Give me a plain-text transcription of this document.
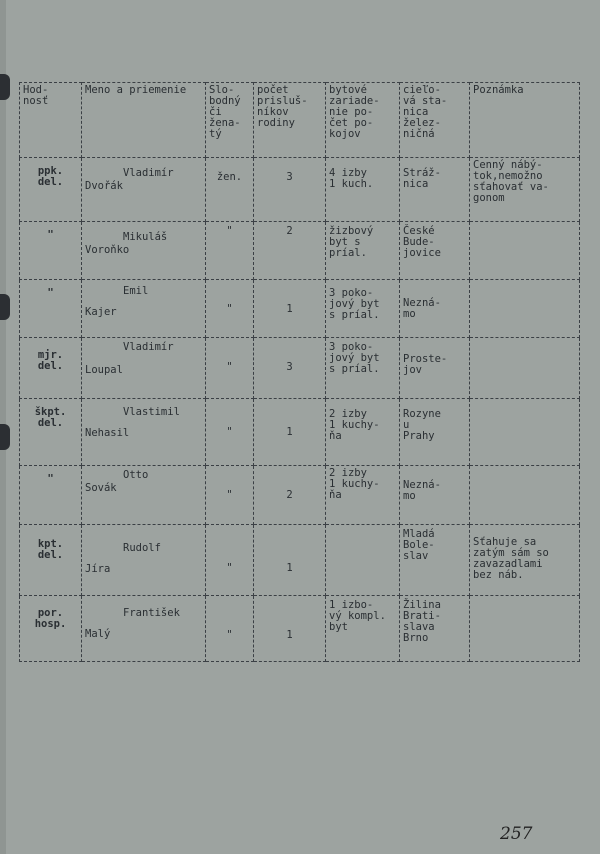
Hod-
nosť	Meno a priemenie	Slo-
bodný
či
žena-
tý	počet
prisluš-
níkov
rodiny	bytové
zariade-
nie po-
čet po-
kojov	cieľo-
vá sta-
nica
želez-
ničná	Poznámka
ppk.
del.	Vladimír
Dvořák	žen.	3	4 izby
1 kuch.	Stráž-
nica	Cenný nábý-
tok,nemožno
sťahovať va-
gonom
"	Mikuláš
Voroňko	"	2	žizbový
byt s
príal.	České
Bude-
jovice	

"	Emil
Kajer	"	1	3 poko-
jový byt
s príal.	Nezná-
mo	

mjr.
del.	Vladimír
Loupal	"	3	3 poko-
jový byt
s príal.	Proste-
jov	

škpt.
del.	Vlastimil
Nehasil	"	1	2 izby
1 kuchy-
ňa	Rozyne
u
Prahy	

"	Otto
Sovák	"	2	2 izby
1 kuchy-
ňa	Nezná-
mo	

kpt.
del.	Rudolf
Jíra	"	1		Mladá
Bole-
slav	Sťahuje sa
zatým sám so
zavazadlami
bez náb.

por.
hosp.	František
Malý	"	1	1 izbo-
vý kompl.
byt	Žilina
Brati-
slava
Brno	

257
